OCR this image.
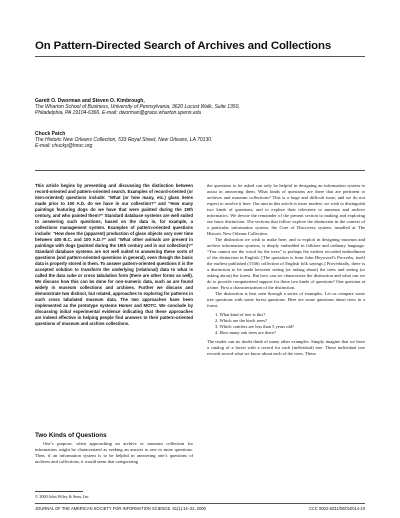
On Pattern-Directed Search of Archives and Collections
Garett O. Dworman and Steven O. Kimbrough,
The Wharton School of Business, University of Pennsylvania, 3620 Locust Walk, Suite 1350,
Philadelphia, PA 19104-6366. E-mail: dworman@grace.wharton.upenn.edu
Chuck Patch
The Historic New Orleans Collection, 533 Royal Street, New Orleans, LA 70130.
E-mail: chuckp@hnoc.org
This article begins by presenting and discussing the distinction between record-oriented and pattern-oriented search. Examples of record-oriented (or item-oriented) questions include: “What (or how many, etc.) glass items made prior to 100 A.D. do we have in our collection?” and “How many paintings featuring dogs do we have that were painted during the 19th century, and who painted them?” Standard database systems are well suited to answering such questions, based on the data in, for example, a collections management system. Examples of pattern-oriented questions include: “How does the (apparent) production of glass objects vary over time between 400 B.C. and 100 A.D.?” and “What other animals are present in paintings with dogs (painted during the 19th century and in our collection)?” Standard database systems are not well suited to answering these sorts of questions (and pattern-oriented questions in general), even though the basic data is properly stored in them. To answer pattern-oriented questions it is the accepted solution to transform the underlying (relational) data to what is called the data cube or cross tabulation form (there are other forms as well). We discuss how this can be done for non-numeric data, such as are found widely in museum collections and archives. Further we discuss and demonstrate two distinct, but related, approaches to exploring for patterns in such cross tabulated museum data. The two approaches have been implemented as the prototype systems Homer and MOTC. We conclude by discussing initial experimental evidence indicating that these approaches are indeed effective in helping people find answers to their pattern-oriented questions of museum and archive collections.
Two Kinds of Questions

One’s purpose, when approaching an archive or museum collection for information, might be characterized as seeking an answer to one or more questions. Then, if an information system is to be helpful in answering one’s questions of archives and collections, it would seem that categorizing

the questions to be asked can only be helpful in designing an information system to assist in answering them. What kinds of questions are there that are pertinent to archives and museum collections? This is a large and difficult issue, and we do not expect to resolve it here. Our aim in this article is more modest: we wish to distinguish two kinds of questions, and to explore their relevance to museum and archive informatics. We devote the remainder of the present section to making and exploring our basic distinction. The sections that follow explore the distinction in the context of a particular information system, the Core of Discovery system, installed at The Historic New Orleans Collection.

The distinction we wish to make here, and to exploit in designing museum and archive information systems, is deeply embedded in folklore and ordinary language. “You cannot see the wood for the trees” is perhaps the earliest recorded embodiment of the distinction in English. [The quotation is from John Heywood’s Proverbs, itself the earliest published (1546) collection of English folk sayings.] Proverbially, there is a distinction to be made between seeing (or asking about) the trees and seeing (or asking about) the forest. But how can we characterize the distinction and what can we do to provide computerized support for these two kinds of questions? One question at a time. First a characterization of the distinction.

The distinction is best seen through a series of examples. Let us compare some tree questions with some forest questions. Here are some questions about trees in a forest.

1. What kind of tree is this?
2. Which are the birch trees?
3. Which conifers are less than 5 years old?
4. How many oak trees are there?

The reader can no doubt think of many other examples. Simply imagine that we have a catalog of a forest with a record for each (individual) tree. These individual tree records record what we know about each of the trees. These

© 2000 John Wiley & Sons, Inc.
JOURNAL OF THE AMERICAN SOCIETY FOR INFORMATION SCIENCE. 51(1):14–22, 2000	CCC 0002-8231/00/010014-10
